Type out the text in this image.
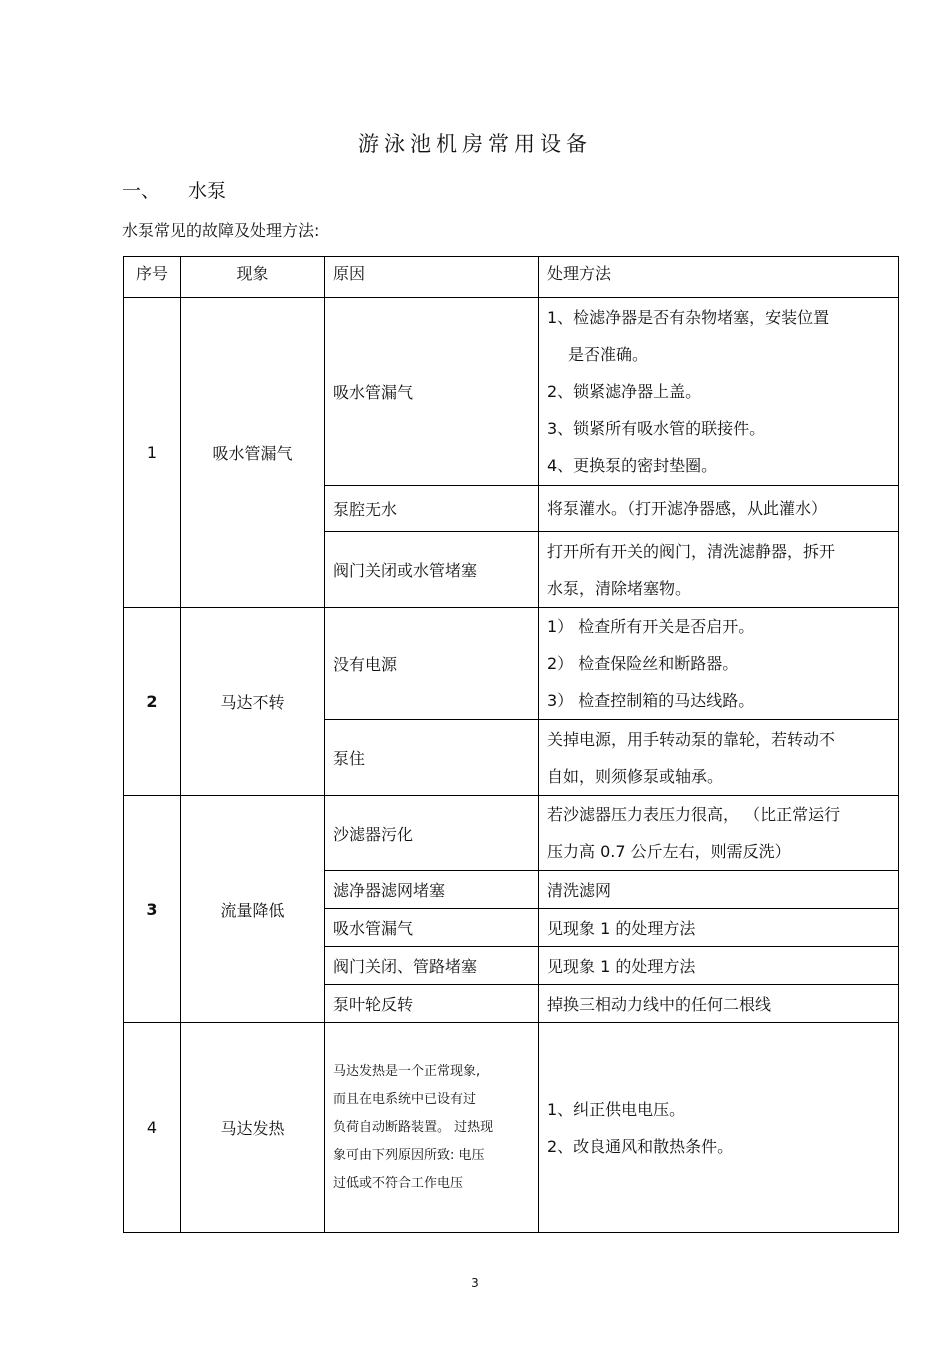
游泳池机房常用设备
一、 水泵
水泵常见的故障及处理方法:
序号	现象	原因	处理方法
1	吸水管漏气	吸水管漏气	1、检滤净器是否有杂物堵塞，安装位置
是否准确。
2、锁紧滤净器上盖。
3、锁紧所有吸水管的联接件。
4、更换泵的密封垫圈。

		泵腔无水	将泵灌水。（打开滤净器感，从此灌水）

		阀门关闭或水管堵塞	打开所有开关的阀门，清洗滤静器，拆开
水泵，清除堵塞物。

2	马达不转	没有电源	1） 检查所有开关是否启开。
2） 检查保险丝和断路器。
3） 检查控制箱的马达线路。

		泵住	关掉电源，用手转动泵的靠轮，若转动不
自如，则须修泵或轴承。

3	流量降低	沙滤器污化	若沙滤器压力表压力很高， （比正常运行
压力高 0.7 公斤左右，则需反洗）

		滤净器滤网堵塞	清洗滤网
		吸水管漏气	见现象 1 的处理方法
		阀门关闭、管路堵塞	见现象 1 的处理方法
		泵叶轮反转	掉换三相动力线中的任何二根线
4	马达发热	马达发热是一个正常现象,
而且在电系统中已设有过
负荷自动断路装置。 过热现
象可由下列原因所致: 电压
过低或不符合工作电压	1、纠正供电电压。
2、改良通风和散热条件。
3
